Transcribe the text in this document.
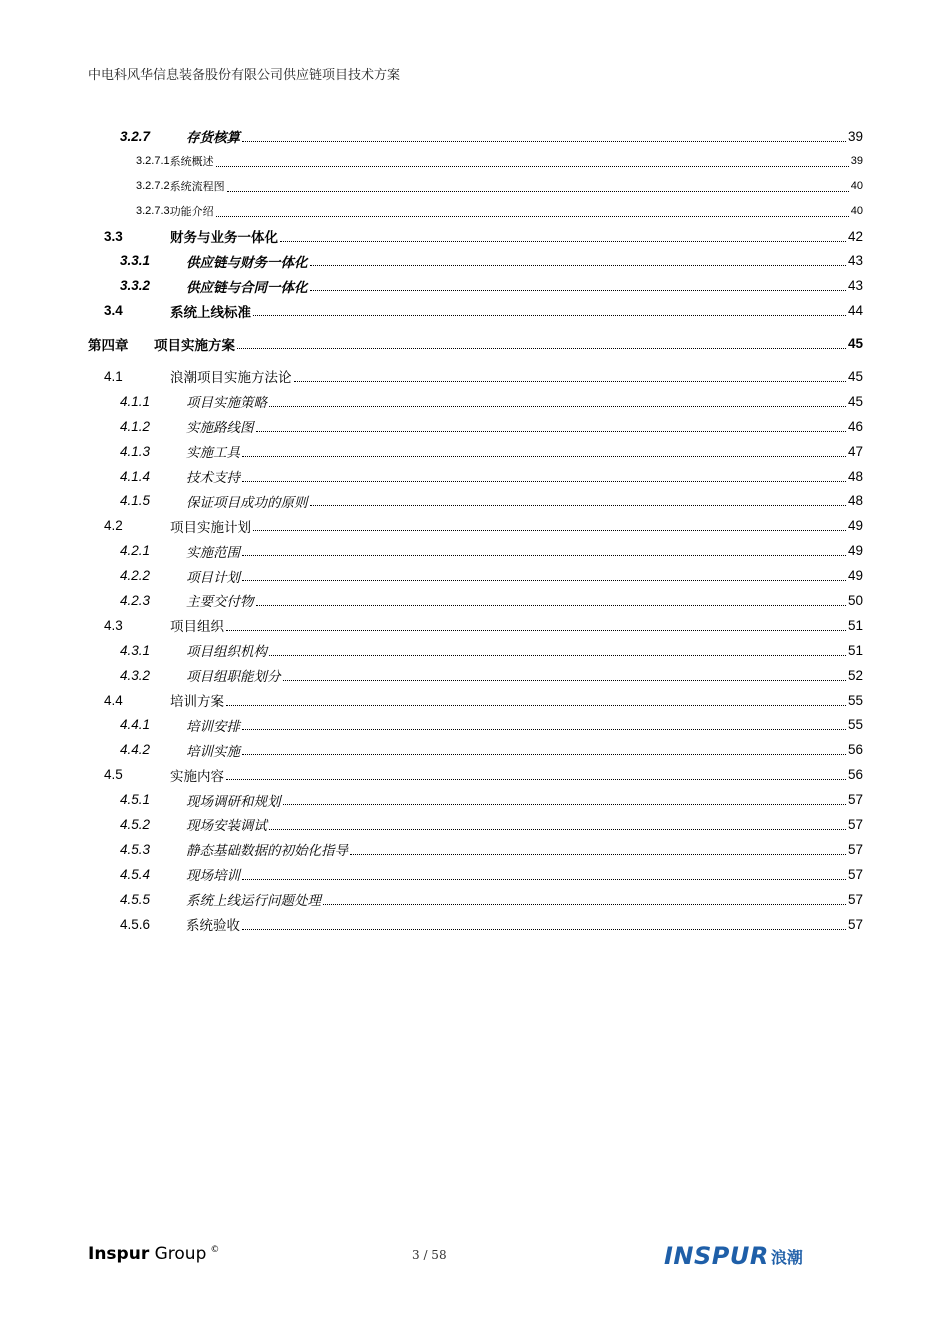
中电科风华信息装备股份有限公司供应链项目技术方案
3.2.7	存货核算	39
3.2.7.1 系统概述	39
3.2.7.2 系统流程图	40
3.2.7.3 功能介绍	40
3.3	财务与业务一体化	42
3.3.1	供应链与财务一体化	43
3.3.2	供应链与合同一体化	43
3.4	系统上线标准	44
第四章	项目实施方案	45
4.1	浪潮项目实施方法论	45
4.1.1	项目实施策略	45
4.1.2	实施路线图	46
4.1.3	实施工具	47
4.1.4	技术支持	48
4.1.5	保证项目成功的原则	48
4.2	项目实施计划	49
4.2.1	实施范围	49
4.2.2	项目计划	49
4.2.3	主要交付物	50
4.3	项目组织	51
4.3.1	项目组织机构	51
4.3.2	项目组职能划分	52
4.4	培训方案	55
4.4.1	培训安排	55
4.4.2	培训实施	56
4.5	实施内容	56
4.5.1	现场调研和规划	57
4.5.2	现场安装调试	57
4.5.3	静态基础数据的初始化指导	57
4.5.4	现场培训	57
4.5.5	系统上线运行问题处理	57
4.5.6	系统验收	57
Inspur Group ©	3 / 58	INSPUR 浪潮
